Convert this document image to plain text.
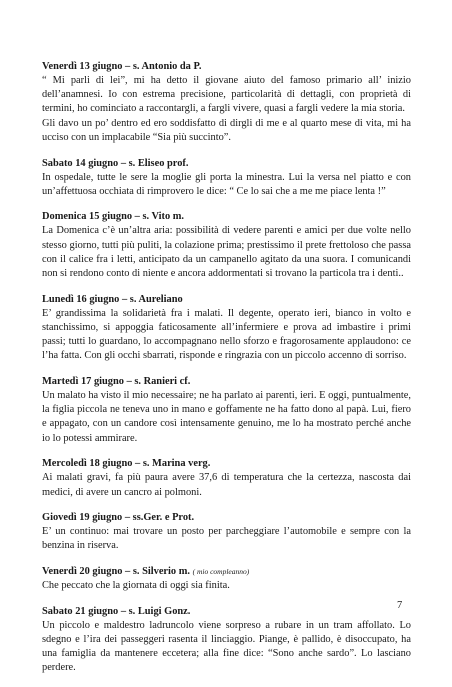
Venerdì 13 giugno – s. Antonio da P.

“ Mi parli di lei”, mi ha detto il giovane aiuto del famoso primario all’ inizio dell’anamnesi. Io con estrema precisione, particolarità di dettagli, con proprietà di termini, ho cominciato a raccontargli, a fargli vivere, quasi a fargli vedere la mia storia.

Gli davo un po’ dentro ed ero soddisfatto di dirgli di me e al quarto mese di vita, mi ha ucciso con un implacabile “Sia più succinto”.

Sabato 14 giugno – s. Eliseo prof.

In ospedale, tutte le sere la moglie gli porta la minestra. Lui la versa nel piatto e con un’affettuosa occhiata di rimprovero le dice: “ Ce lo sai che a me me piace lenta !”

Domenica 15 giugno – s. Vito m.

La Domenica c’è un’altra aria: possibilità di vedere parenti e amici per due volte nello stesso giorno, tutti più puliti, la colazione prima; prestissimo il prete frettoloso che passa con il calice fra i letti, anticipato da un campanello agitato da una suora. I comunicandi non si rendono conto di niente e ancora addormentati si trovano la particola tra i denti..

Lunedì 16 giugno – s. Aureliano

E’ grandissima la solidarietà fra i malati. Il degente, operato ieri, bianco in volto e stanchissimo, si appoggia faticosamente all’infermiere e prova ad imbastire i primi passi; tutti lo guardano, lo accompagnano nello sforzo e fragorosamente applaudono: ce l’ha fatta. Con gli occhi sbarrati, risponde e ringrazia con un piccolo accenno di sorriso.

Martedì 17 giugno – s. Ranieri cf.

Un malato ha visto il mio necessaire; ne ha parlato ai parenti, ieri. E oggi, puntualmente, la figlia piccola ne teneva uno in mano e goffamente ne ha fatto dono al papà. Lui, fiero e appagato, con un candore così intensamente genuino, me lo ha mostrato perché anche io lo potessi ammirare.

Mercoledì 18 giugno – s. Marina verg.

Ai malati gravi, fa più paura avere 37,6 di temperatura che la certezza, nascosta dai medici, di avere un cancro ai polmoni.

Giovedì 19 giugno – ss.Ger. e Prot.

E’ un continuo: mai trovare un posto per parcheggiare l’automobile e sempre con la benzina in riserva.

Venerdì 20 giugno – s. Silverio m. ( mio compleanno)

Che peccato che la giornata di oggi sia finita.

Sabato 21 giugno – s. Luigi Gonz.

Un piccolo e maldestro ladruncolo viene sorpreso a rubare in un tram affollato. Lo sdegno e l’ira dei passeggeri rasenta il linciaggio. Piange, è pallido, è disoccupato, ha una famiglia da mantenere eccetera; alla fine dice: “Sono anche sardo”. Lo lasciano perdere.

7
